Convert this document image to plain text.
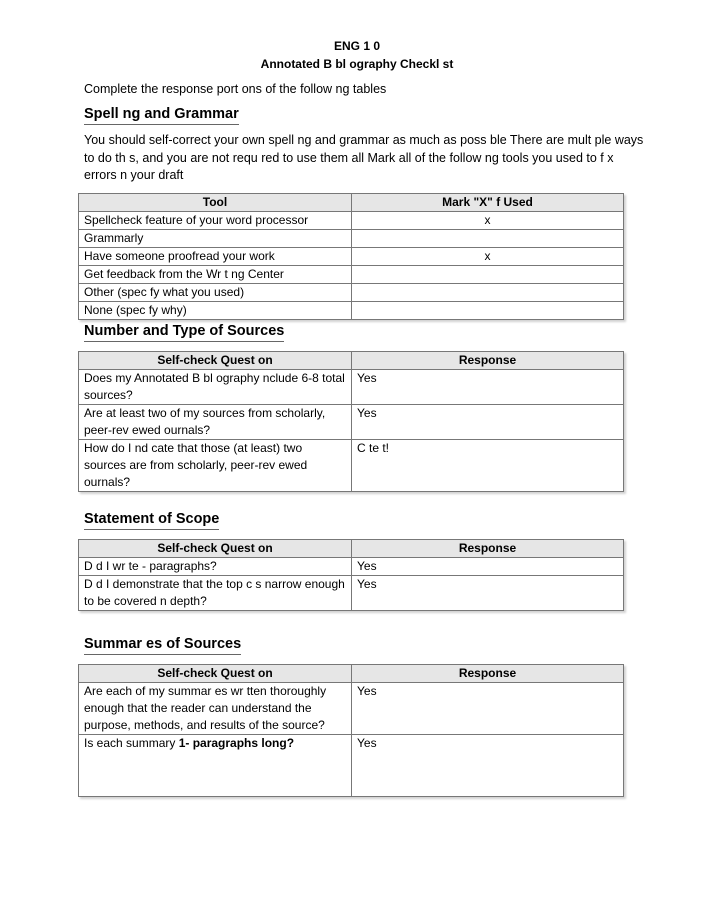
ENG 1 0
Annotated B bl ography Checkl st
Complete the response port ons of the follow ng tables
Spell ng and Grammar
You should self-correct your own spell ng and grammar as much as poss ble There are mult ple ways to do th s, and you are not requ red to use them all Mark all of the follow ng tools you used to f x errors n your draft
Tool	Mark "X" f Used
Spellcheck feature of your word processor	x
Grammarly	
Have someone proofread your work	x
Get feedback from the Wr t ng Center	
Other (spec fy what you used)	
None (spec fy why)	
Number and Type of Sources
Self-check Quest on	Response
Does my Annotated B bl ography nclude 6-8 total sources?	Yes
Are at least two of my sources from scholarly, peer-rev ewed ournals?	Yes
How do I nd cate that those (at least) two sources are from scholarly, peer-rev ewed ournals?	C te t!
Statement of Scope
Self-check Quest on	Response
D d I wr te - paragraphs?	Yes
D d I demonstrate that the top c s narrow enough to be covered n depth?	Yes
Summar es of Sources
Self-check Quest on	Response
Are each of my summar es wr tten thoroughly enough that the reader can understand the purpose, methods, and results of the source?	Yes
Is each summary 1- paragraphs long?	Yes
